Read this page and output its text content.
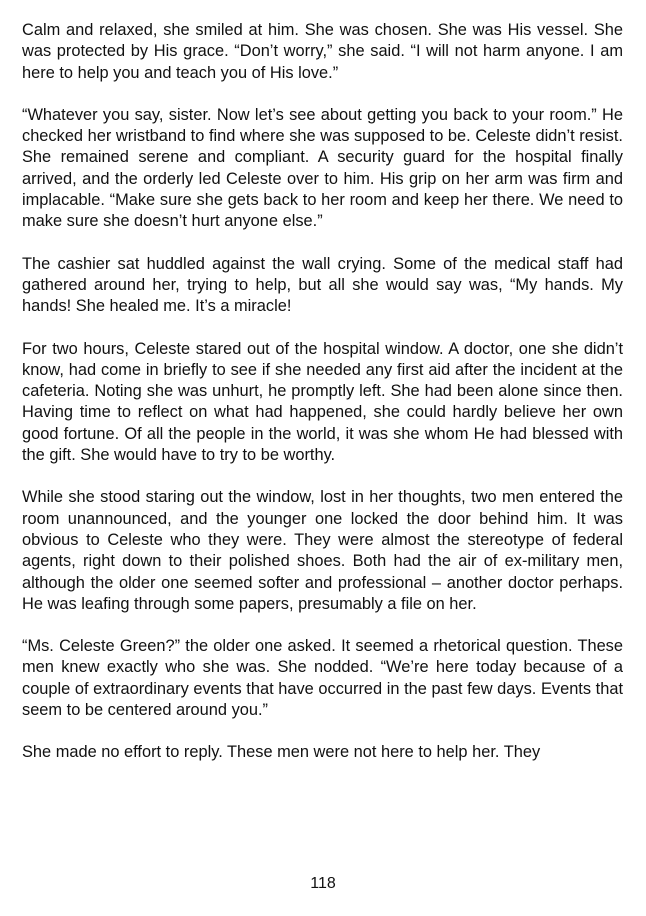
Calm and relaxed, she smiled at him. She was chosen. She was His vessel. She was protected by His grace. “Don’t worry,” she said. “I will not harm anyone. I am here to help you and teach you of His love.”

“Whatever you say, sister. Now let’s see about getting you back to your room.” He checked her wristband to find where she was supposed to be. Celeste didn’t resist. She remained serene and compliant. A security guard for the hospital finally arrived, and the orderly led Celeste over to him. His grip on her arm was firm and implacable. “Make sure she gets back to her room and keep her there. We need to make sure she doesn’t hurt anyone else.”

The cashier sat huddled against the wall crying. Some of the medical staff had gathered around her, trying to help, but all she would say was, “My hands. My hands! She healed me. It’s a miracle!

For two hours, Celeste stared out of the hospital window. A doctor, one she didn’t know, had come in briefly to see if she needed any first aid after the incident at the cafeteria. Noting she was unhurt, he promptly left. She had been alone since then. Having time to reflect on what had happened, she could hardly believe her own good fortune. Of all the people in the world, it was she whom He had blessed with the gift. She would have to try to be worthy.

While she stood staring out the window, lost in her thoughts, two men entered the room unannounced, and the younger one locked the door behind him. It was obvious to Celeste who they were. They were almost the stereotype of federal agents, right down to their polished shoes. Both had the air of ex-military men, although the older one seemed softer and professional – another doctor perhaps. He was leafing through some papers, presumably a file on her.

“Ms. Celeste Green?” the older one asked. It seemed a rhetorical question. These men knew exactly who she was. She nodded. “We’re here today because of a couple of extraordinary events that have occurred in the past few days. Events that seem to be centered around you.”

She made no effort to reply. These men were not here to help her. They

118
